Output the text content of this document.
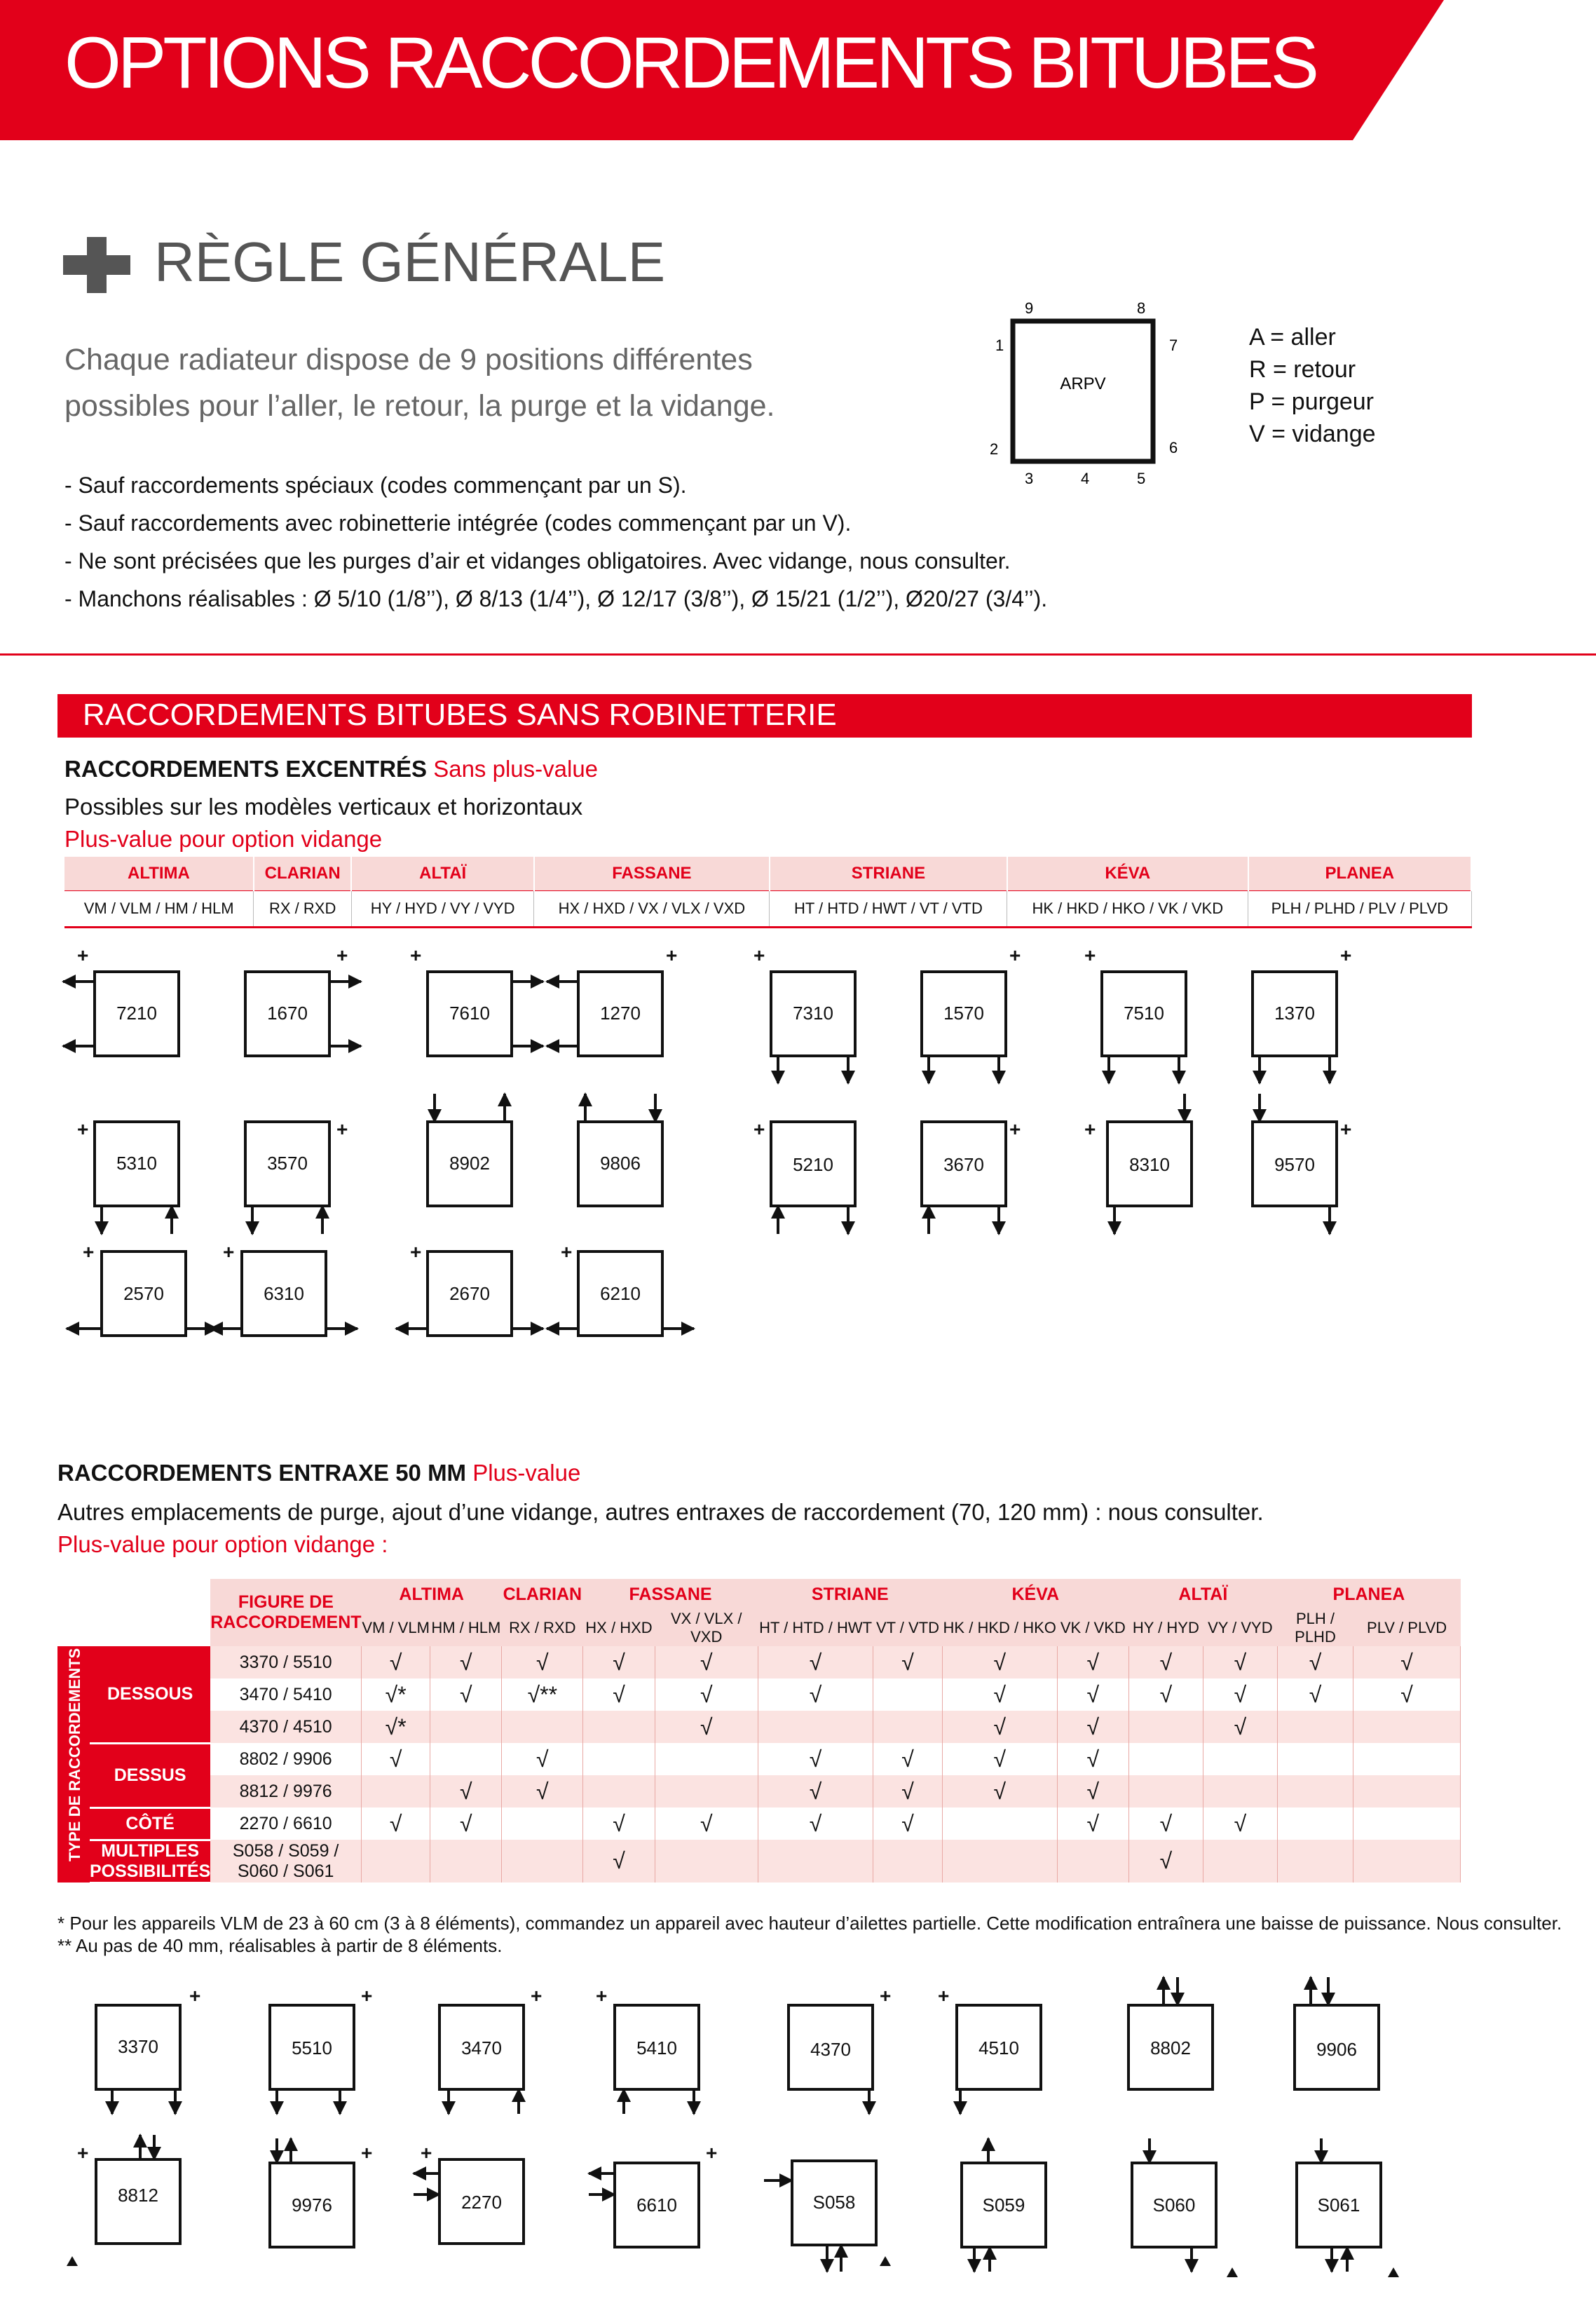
OPTIONS RACCORDEMENTS BITUBES
RÈGLE GÉNÉRALE
Chaque radiateur dispose de 9 positions différentes
possibles pour l’aller, le retour, la purge et la vidange.
- Sauf raccordements spéciaux (codes commençant par un S).
- Sauf raccordements avec robinetterie intégrée (codes commençant par un V).
- Ne sont précisées que les purges d’air et vidanges obligatoires. Avec vidange, nous consulter.
- Manchons réalisables : Ø 5/10 (1/8’’), Ø 8/13 (1/4’’), Ø 12/17 (3/8’’), Ø 15/21 (1/2’’), Ø20/27 (3/4’’).
ARPV
1
2
3	4	5
6
7
8
9
A = aller
R = retour
P = purgeur
V = vidange
RACCORDEMENTS BITUBES SANS ROBINETTERIE
RACCORDEMENTS EXCENTRÉS Sans plus-value
Possibles sur les modèles verticaux et horizontaux
Plus-value pour option vidange
ALTIMA	CLARIAN	ALTAÏ	FASSANE	STRIANE	KÉVA	PLANEA
VM / VLM / HM / HLM	RX / RXD	HY / HYD / VY / VYD	HX / HXD / VX / VLX / VXD	HT / HTD / HWT / VT / VTD	HK / HKD / HKO / VK / VKD	PLH / PLHD / PLV / PLVD
+	+	+	+	+	+	+	+
+	+	+	+	+	+
+	+	+	+
7210	1670	7610	1270	7310	1570	7510	1370
5310	3570	8902	9806	5210	3670	8310	9570
2570	6310	2670	6210
RACCORDEMENTS ENTRAXE 50 MM Plus-value
Autres emplacements de purge, ajout d’une vidange, autres entraxes de raccordement (70, 120 mm) : nous consulter.
Plus-value pour option vidange :
		FIGURE DE RACCORDEMENT	ALTIMA		CLARIAN	FASSANE		STRIANE		KÉVA		ALTAÏ		PLANEA	
			VM / VLM	HM / HLM	RX / RXD	HX / HXD	VX / VLX / VXD	HT / HTD / HWT	VT / VTD	HK / HKD / HKO	VK / VKD	HY / HYD	VY / VYD	PLH / PLHD	PLV / PLVD

TYPE DE RACCORDEMENTS	DESSOUS	3370 / 5510	√	√	√	√	√	√	√	√	√	√	√	√	√
		3470 / 5410	√*	√	√**	√	√	√		√	√	√	√	√	√
		4370 / 4510	√*				√			√	√		√		
	DESSUS	8802 / 9906	√		√			√	√	√	√				
		8812 / 9976		√	√			√	√	√	√				
	CÔTÉ	2270 / 6610	√	√		√	√	√	√		√	√	√		
	MULTIPLES POSSIBILITÉS	S058 / S059 / S060 / S061				√						√			
* Pour les appareils VLM de 23 à 60 cm (3 à 8 éléments), commandez un appareil avec hauteur d’ailettes partielle. Cette modification entraînera une baisse de puissance. Nous consulter.
** Au pas de 40 mm, réalisables à partir de 8 éléments.
+	+	+	+	+ +
+	+ +	+
3370	5510	3470	5410	4370	4510	8802	9906
8812	9976	2270	6610	S058	S059	S060	S061
